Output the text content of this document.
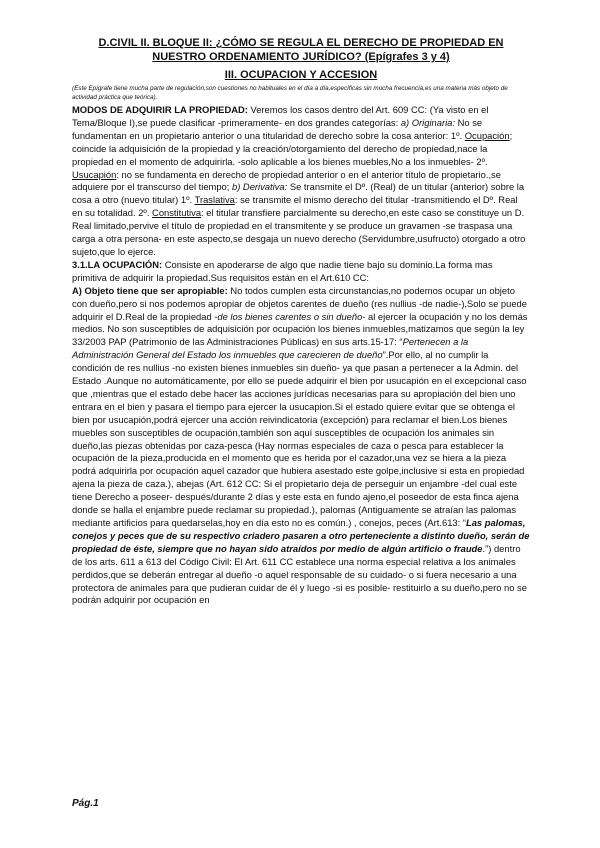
D.CIVIL II. BLOQUE II: ¿CÓMO SE REGULA EL DERECHO DE PROPIEDAD EN
NUESTRO ORDENAMIENTO JURÍDICO? (Epígrafes 3 y 4)

III. OCUPACION Y ACCESION

(Este Epígrafe tiene mucha parte de regulación,son cuestiones no habituales en el día a día,específicas sin mucha frecuencia,es una materia más objeto de actividad práctica que teórica).

MODOS DE ADQUIRIR LA PROPIEDAD: Veremos los casos dentro del Art. 609 CC: (Ya visto en el Tema/Bloque I),se puede clasificar -primeramente- en dos grandes categorías: a) Originaria: No se fundamentan en un propietario anterior o una titularidad de derecho sobre la cosa anterior: 1º. Ocupación; coincide la adquisición de la propiedad y la creación/otorgamiento del derecho de propiedad,nace la propiedad en el momento de adquirirla. -solo aplicable a los bienes muebles,No a los inmuebles- 2º. Usucapión: no se fundamenta en derecho de propiedad anterior o en el anterior título de propietario.,se adquiere por el transcurso del tiempo; b) Derivativa: Se transmite el Dº. (Real) de un titular (anterior) sobre la cosa a otro (nuevo titular) 1º. Traslativa: se transmite el mismo derecho del titular -transmitiendo el Dº. Real en su totalidad. 2º. Constitutiva: el titular transfiere parcialmente su derecho,en este caso se constituye un D. Real limitado,pervive el título de propiedad en el transmitente y se produce un gravamen -se traspasa una carga a otra persona- en este aspecto,se desgaja un nuevo derecho (Servidumbre,usufructo) otorgado a otro sujeto,que lo ejerce.

3.1.LA OCUPACIÓN: Consiste en apoderarse de algo que nadie tiene bajo su dominio.La forma mas primitiva de adquirir la propiedad.Sus requisitos están en el Art.610 CC:

A) Objeto tiene que ser apropiable: No todos cumplen esta circunstancias,no podemos ocupar un objeto con dueño,pero si nos podemos apropiar de objetos carentes de dueño (res nullius -de nadie-),Solo se puede adquirir el D.Real de la propiedad -de los bienes carentes o sin dueño- al ejercer la ocupación y no los demás medios. No son susceptibles de adquisición por ocupación los bienes inmuebles,matizamos que según la ley 33/2003 PAP (Patrimonio de las Administraciones Públicas) en sus arts.15-17: “Pertenecen a la Administración General del Estado los inmuebles que carecieren de dueño”.Por ello, al no cumplir la condición de res nullius -no existen bienes inmuebles sin dueño- ya que pasan a pertenecer a la Admin. del Estado .Aunque no automáticamente, por ello se puede adquirir el bien por usucapión en el excepcional caso que ,mientras que el estado debe hacer las acciones jurídicas necesarias para su apropiación del bien uno entrara en el bien y pasara el tiempo para ejercer la usucapion.Si el estado quiere evitar que se obtenga el bien por usucapión,podrá ejercer una acción reivindicatoria (excepción) para reclamar el bien.Los bienes muebles son susceptibles de ocupación,también son aquí susceptibles de ocupación los animales sin dueño,las piezas obtenidas por caza-pesca (Hay normas especiales de caza o pesca para establecer la ocupación de la pieza,producida en el momento que es herida por el cazador,una vez se hiera a la pieza podrá adquirirla por ocupación aquel cazador que hubiera asestado este golpe,inclusive si esta en propiedad ajena la pieza de caza.), abejas (Art. 612 CC: Si el propietario deja de perseguir un enjambre -del cual este tiene Derecho a poseer- después/durante 2 días y este esta en fundo ajeno,el poseedor de esta finca ajena donde se halla el enjambre puede reclamar su propiedad.), palomas (Antiguamente se atraían las palomas mediante artificios para quedarselas,hoy en día esto no es común.) , conejos, peces (Art.613: “Las palomas, conejos y peces que de su respectivo criadero pasaren a otro perteneciente a distinto dueño, serán de propiedad de éste, siempre que no hayan sido atraídos por medio de algún artificio o fraude.”) dentro de los arts. 611 a 613 del Código Civil: El Art. 611 CC establece una norma especial relativa a los animales perdidos,que se deberán entregar al dueño -o aquel responsable de su cuidado- o si fuera necesario a una protectora de animales para que pudieran cuidar de él y luego -si es posible- restituirlo a su dueño,pero no se podrán adquirir por ocupación en

Pág.1
